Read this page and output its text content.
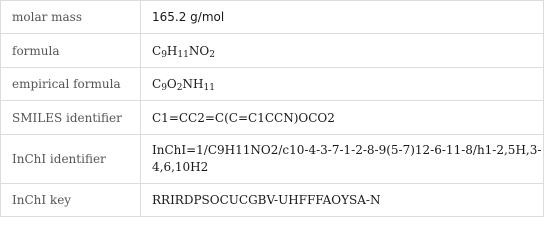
molar mass	165.2 g/mol
formula	$C_9H_{11}NO_2$
empirical formula	$C_9O_2NH_{11}$
SMILES identifier	C1=CC2=C(C=C1CCN)OCO2
InChI identifier	InChI=1/C9H11NO2/c10-4-3-7-1-2-8-9(5-7)12-6-11-8/h1-2,5H,3-4,6,10H2
InChI key	RRIRDPSOCUCGBV-UHFFFAOYSA-N
